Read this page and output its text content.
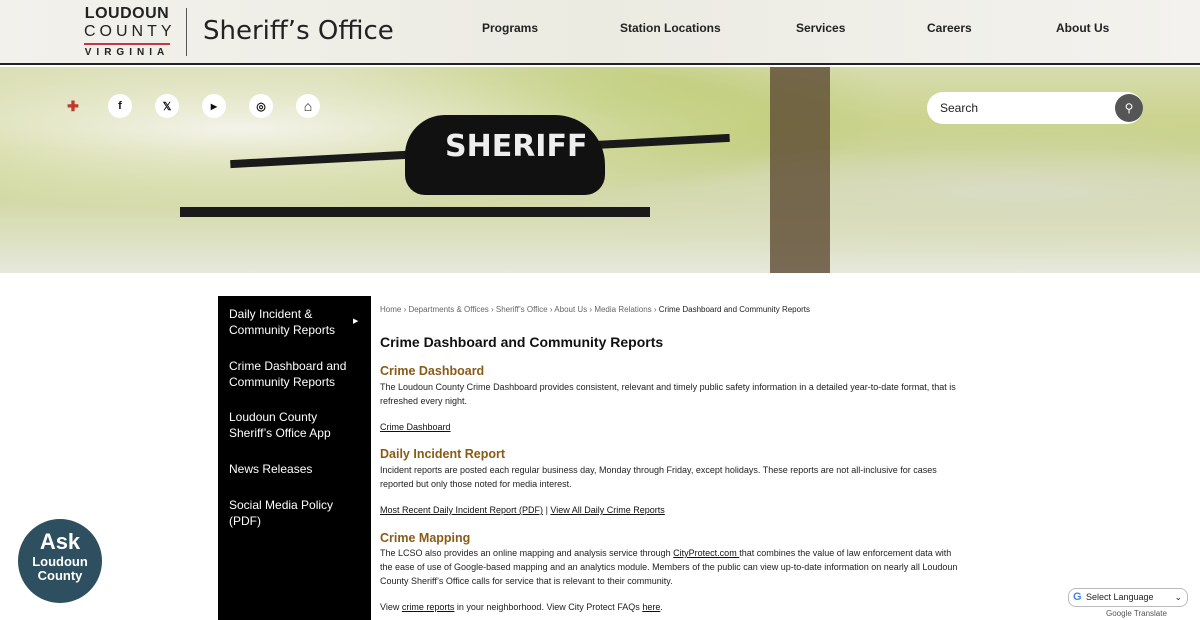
LOUDOUN
COUNTY
VIRGINIA
Sheriff’s Office	Programs	Station Locations	Services	Careers	About Us
SHERIFF
✚	f	𝕏	▶	◎	⌂	Search	⚲
Daily Incident & Community Reports
▶
Crime Dashboard and Community Reports
Loudoun County Sheriff’s Office App
News Releases
Social Media Policy (PDF)
Home › Departments & Offices › Sheriff’s Office › About Us › Media Relations › Crime Dashboard and Community Reports
Crime Dashboard and Community Reports
Crime Dashboard

The Loudoun County Crime Dashboard provides consistent, relevant and timely public safety information in a detailed year-to-date format, that is refreshed every night.

Crime Dashboard

Daily Incident Report

Incident reports are posted each regular business day, Monday through Friday, except holidays. These reports are not all-inclusive for cases reported but only those noted for media interest.

Most Recent Daily Incident Report (PDF) | View All Daily Crime Reports

Crime Mapping

The LCSO also provides an online mapping and analysis service through CityProtect.com that combines the value of law enforcement data with the ease of use of Google-based mapping and an analytics module. Members of the public can view up-to-date information on nearly all Loudoun County Sheriff’s Office calls for service that is relevant to their community.

View crime reports in your neighborhood. View City Protect FAQs here.

Ask
Loudoun
County
G Select Language ⌄
Google Translate
